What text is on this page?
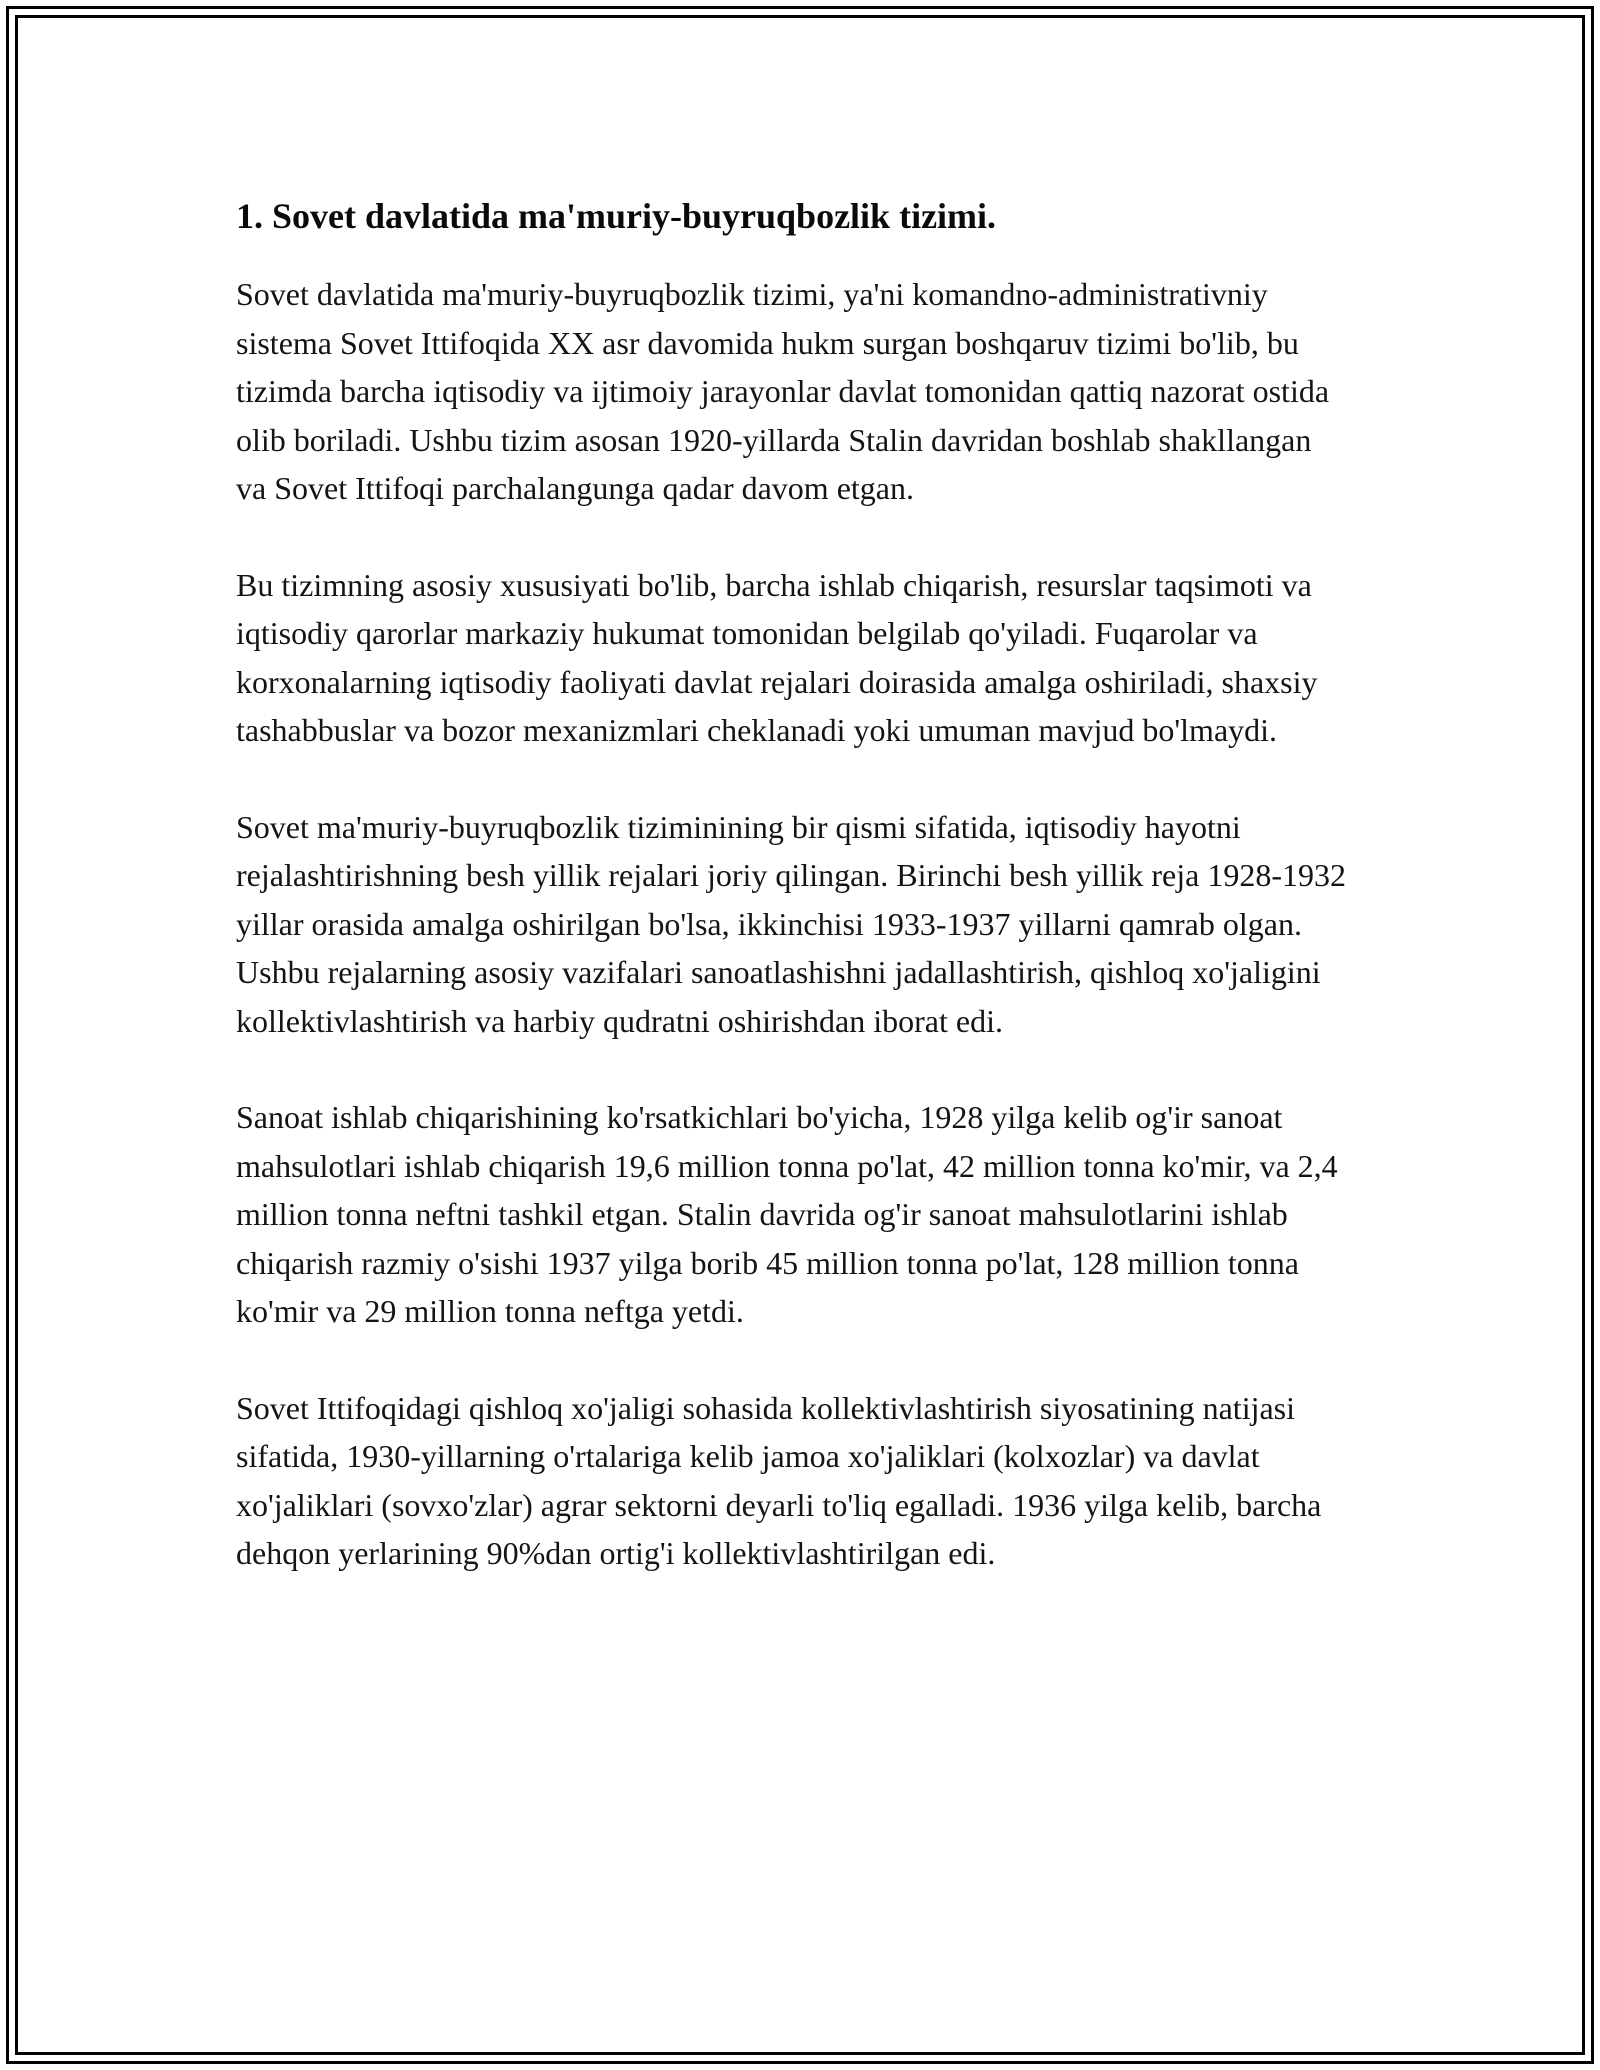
1. Sovet davlatida ma'muriy-buyruqbozlik tizimi.

Sovet davlatida ma'muriy-buyruqbozlik tizimi, ya'ni komandno-administrativniy sistema Sovet Ittifoqida XX asr davomida hukm surgan boshqaruv tizimi bo'lib, bu tizimda barcha iqtisodiy va ijtimoiy jarayonlar davlat tomonidan qattiq nazorat ostida olib boriladi. Ushbu tizim asosan 1920-yillarda Stalin davridan boshlab shakllangan va Sovet Ittifoqi parchalangunga qadar davom etgan.

Bu tizimning asosiy xususiyati bo'lib, barcha ishlab chiqarish, resurslar taqsimoti va iqtisodiy qarorlar markaziy hukumat tomonidan belgilab qo'yiladi. Fuqarolar va korxonalarning iqtisodiy faoliyati davlat rejalari doirasida amalga oshiriladi, shaxsiy tashabbuslar va bozor mexanizmlari cheklanadi yoki umuman mavjud bo'lmaydi.

Sovet ma'muriy-buyruqbozlik tiziminining bir qismi sifatida, iqtisodiy hayotni rejalashtirishning besh yillik rejalari joriy qilingan. Birinchi besh yillik reja 1928-1932 yillar orasida amalga oshirilgan bo'lsa, ikkinchisi 1933-1937 yillarni qamrab olgan. Ushbu rejalarning asosiy vazifalari sanoatlashishni jadallashtirish, qishloq xo'jaligini kollektivlashtirish va harbiy qudratni oshirishdan iborat edi.

Sanoat ishlab chiqarishining ko'rsatkichlari bo'yicha, 1928 yilga kelib og'ir sanoat mahsulotlari ishlab chiqarish 19,6 million tonna po'lat, 42 million tonna ko'mir, va 2,4 million tonna neftni tashkil etgan. Stalin davrida og'ir sanoat mahsulotlarini ishlab chiqarish razmiy o'sishi 1937 yilga borib 45 million tonna po'lat, 128 million tonna ko'mir va 29 million tonna neftga yetdi.

Sovet Ittifoqidagi qishloq xo'jaligi sohasida kollektivlashtirish siyosatining natijasi sifatida, 1930-yillarning o'rtalariga kelib jamoa xo'jaliklari (kolxozlar) va davlat xo'jaliklari (sovxo'zlar) agrar sektorni deyarli to'liq egalladi. 1936 yilga kelib, barcha dehqon yerlarining 90%dan ortig'i kollektivlashtirilgan edi.
